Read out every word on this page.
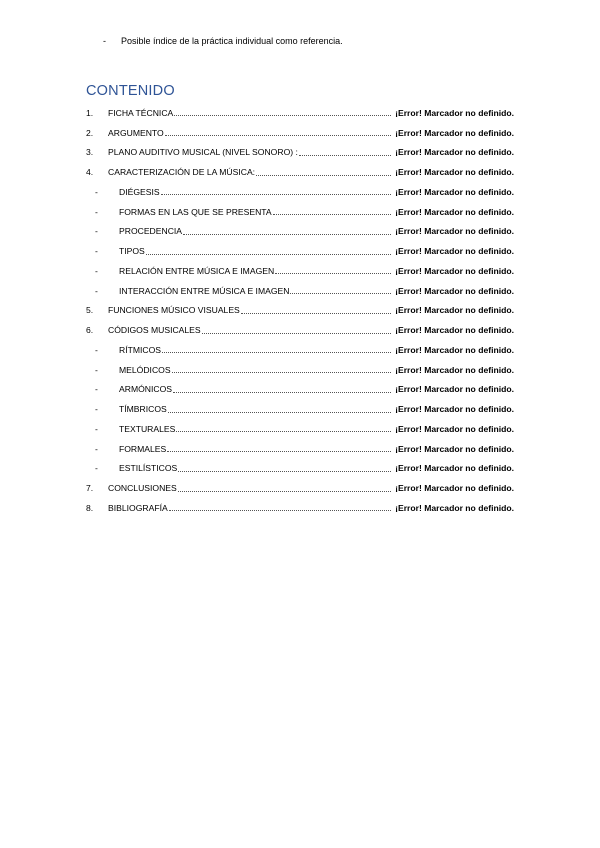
-	Posible índice de la práctica individual como referencia.
CONTENIDO
1.	FICHA TÉCNICA	¡Error! Marcador no definido.
2.	ARGUMENTO	¡Error! Marcador no definido.
3.	PLANO AUDITIVO MUSICAL (NIVEL SONORO) :	¡Error! Marcador no definido.
4.	CARACTERIZACIÓN DE LA MÚSICA:	¡Error! Marcador no definido.
-	DIÉGESIS	¡Error! Marcador no definido.
-	FORMAS EN LAS QUE SE PRESENTA	¡Error! Marcador no definido.
-	PROCEDENCIA	¡Error! Marcador no definido.
-	TIPOS	¡Error! Marcador no definido.
-	RELACIÓN ENTRE MÚSICA E IMAGEN	¡Error! Marcador no definido.
-	INTERACCIÓN ENTRE MÚSICA E IMAGEN	¡Error! Marcador no definido.
5.	FUNCIONES MÚSICO VISUALES	¡Error! Marcador no definido.
6.	CÓDIGOS MUSICALES	¡Error! Marcador no definido.
-	RÍTMICOS	¡Error! Marcador no definido.
-	MELÓDICOS	¡Error! Marcador no definido.
-	ARMÓNICOS	¡Error! Marcador no definido.
-	TÍMBRICOS	¡Error! Marcador no definido.
-	TEXTURALES	¡Error! Marcador no definido.
-	FORMALES	¡Error! Marcador no definido.
-	ESTILÍSTICOS	¡Error! Marcador no definido.
7.	CONCLUSIONES	¡Error! Marcador no definido.
8.	BIBLIOGRAFÍA	¡Error! Marcador no definido.
